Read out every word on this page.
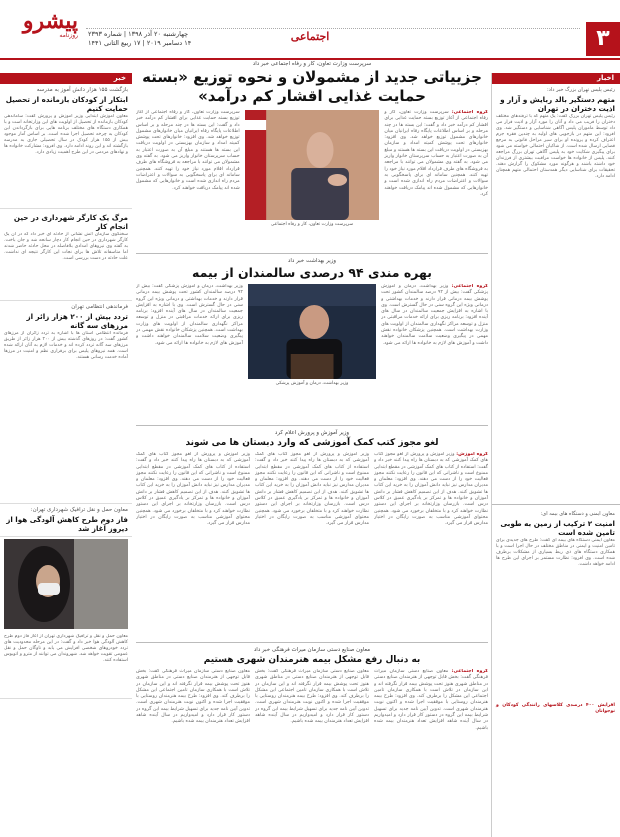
۳
اجتماعی
چهارشنبه ۲۰ آذر ۱۳۹۸ | شماره ۲۳۹۳
۱۴ دسامبر ۲۰۱۹ | ۱۷ ربیع الثانی ۱۴۴۱
پیشرو
روزنامه
اخبار
رئیس پلیس تهران بزرگ خبر داد:
متهم دستگیر بالد ربایش و آزار و اذیت دختران در تهران
رئیس پلیس تهران بزرگ گفت: یک متهم که با ترفندهای مختلف دختران را فریب می داد و آنان را مورد آزار و اذیت قرار می داد توسط ماموران پلیس آگاهی شناسایی و دستگیر شد. وی افزود: این متهم در بازجویی های اولیه به چندین فقره جرم اعتراف کرده و پرونده او برای سیر مراحل قانونی به مرجع قضایی ارسال شده است. از شاکیان احتمالی خواسته می شود برای پیگیری شکایت خود به پلیس آگاهی تهران بزرگ مراجعه کنند. پلیس از خانواده ها خواست مراقبت بیشتری از فرزندان خود داشته باشند و هرگونه مورد مشکوک را گزارش دهند. تحقیقات برای شناسایی دیگر همدستان احتمالی متهم همچنان ادامه دارد.
معاون ایمنی و دستگاه های بیمه ای:
امنیت ۲ ترکیب از زمین به طوبی تامین شده است
معاون ایمنی دستگاه های بیمه ای گفت: طرح های جدیدی برای تامین امنیت و ایمنی در مناطق مختلف در حال اجرا است و با همکاری دستگاه های ذی ربط بسیاری از مشکلات برطرف شده است. وی افزود: نظارت مستمر بر اجرای این طرح ها ادامه خواهد داشت.
افزایش ۴۰۰ درصدی کلاسهای رانندگی کودکان و نوجوانان
خبر
بازگشت ۱۵۵ هزار دانش آموز به مدرسه
ابتکار از کودکان بازمانده از تحصیل حمایت کنیم
معاون آموزش ابتدایی وزیر آموزش و پرورش گفت: ساماندهی کودکان بازمانده از تحصیل از اولویت های این وزارتخانه است و با همکاری دستگاه های مختلف برنامه هایی برای بازگرداندن این کودکان به چرخه تحصیل اجرا شده است. بر اساس آمار موجود بیش از ۱۵۵ هزار کودک در سال تحصیلی جاری به مدرسه بازگشته اند و این روند ادامه دارد. وی افزود: مشارکت خانواده ها و نهادهای مردمی در این طرح اهمیت زیادی دارد.
مرگ یک کارگر شهرداری در حین انجام کار
سخنگوی سازمان آتش نشانی از حادثه ای خبر داد که در آن یک کارگر شهرداری در حین انجام کار دچار سانحه شد و جان باخت. به گفته وی نیروهای امدادی بلافاصله در محل حادثه حاضر شدند اما متاسفانه تلاش ها برای نجات این کارگر نتیجه ای نداشت. علت حادثه در دست بررسی است.
فرماندهی انتظامی تهران
تردد بیش از ۲۰۰ هزار زائر از مرزهای سه گانه
فرمانده انتظامی استان ها با اشاره به تردد زائران از مرزهای کشور گفت: در روزهای گذشته بیش از ۲۰۰ هزار زائر از طریق مرزهای سه گانه تردد کرده اند و خدمات لازم به آنان ارائه شده است. همه نیروهای پلیس برای برقراری نظم و امنیت در مرزها آماده خدمت رسانی هستند.
معاون حمل و نقل ترافیک شهرداری تهران:
فاز دوم طرح کاهش آلودگی هوا از دیروز آغاز شد
معاون حمل و نقل و ترافیک شهرداری تهران از آغاز فاز دوم طرح کاهش آلودگی هوا خبر داد و گفت: در این مرحله محدودیت های تردد خودروهای شخصی افزایش می یابد و ناوگان حمل و نقل عمومی تقویت خواهد شد. شهروندان می توانند از مترو و اتوبوس استفاده کنند.
سرپرست وزارت تعاون، کار و رفاه اجتماعی خبر داد
جزییاتی جدید از مشمولان و نحوه توزیع «بسته حمایت غذایی اقشار کم درآمد»
گروه اجتماعی: سرپرست وزارت تعاون، کار و رفاه اجتماعی از آغاز توزیع بسته حمایت غذایی برای اقشار کم درآمد خبر داد و گفت: این بسته ها در چند مرحله و بر اساس اطلاعات پایگاه رفاه ایرانیان میان خانوارهای مشمول توزیع خواهد شد. وی افزود: خانوارهای تحت پوشش کمیته امداد و سازمان بهزیستی در اولویت دریافت این بسته ها هستند و مبلغ آن به صورت اعتبار به حساب سرپرستان خانوار واریز می شود. به گفته وی مشمولان می توانند با مراجعه به فروشگاه های طرف قرارداد اقلام مورد نیاز خود را تهیه کنند. همچنین سامانه ای برای پاسخگویی به سوالات و اعتراضات مردم راه اندازی شده است و خانوارهایی که مشمول شده اند پیامک دریافت خواهند کرد.
سرپرست وزارت تعاون، کار و رفاه اجتماعی
سرپرست وزارت تعاون، کار و رفاه اجتماعی از آغاز توزیع بسته حمایت غذایی برای اقشار کم درآمد خبر داد و گفت: این بسته ها در چند مرحله و بر اساس اطلاعات پایگاه رفاه ایرانیان میان خانوارهای مشمول توزیع خواهد شد. وی افزود: خانوارهای تحت پوشش کمیته امداد و سازمان بهزیستی در اولویت دریافت این بسته ها هستند و مبلغ آن به صورت اعتبار به حساب سرپرستان خانوار واریز می شود. به گفته وی مشمولان می توانند با مراجعه به فروشگاه های طرف قرارداد اقلام مورد نیاز خود را تهیه کنند. همچنین سامانه ای برای پاسخگویی به سوالات و اعتراضات مردم راه اندازی شده است و خانوارهایی که مشمول شده اند پیامک دریافت خواهند کرد.
وزیر بهداشت خبر داد
بهره مندی ۹۴ درصدی سالمندان از بیمه
گروه اجتماعی: وزیر بهداشت، درمان و آموزش پزشکی گفت: بیش از ۹۴ درصد سالمندان کشور تحت پوشش بیمه درمانی قرار دارند و خدمات بهداشتی و درمانی ویژه این گروه سنی در حال گسترش است. وی با اشاره به افزایش جمعیت سالمندان در سال های آینده افزود: برنامه ریزی برای ارائه خدمات مراقبتی در منزل و توسعه مراکز نگهداری سالمندان از اولویت های وزارت بهداشت است. همچنین پزشکان خانواده نقش مهمی در پیگیری وضعیت سلامت سالمندان خواهند داشت و آموزش های لازم به خانواده ها ارائه می شود.
وزیر بهداشت، درمان و آموزش پزشکی
وزیر بهداشت، درمان و آموزش پزشکی گفت: بیش از ۹۴ درصد سالمندان کشور تحت پوشش بیمه درمانی قرار دارند و خدمات بهداشتی و درمانی ویژه این گروه سنی در حال گسترش است. وی با اشاره به افزایش جمعیت سالمندان در سال های آینده افزود: برنامه ریزی برای ارائه خدمات مراقبتی در منزل و توسعه مراکز نگهداری سالمندان از اولویت های وزارت بهداشت است. همچنین پزشکان خانواده نقش مهمی در پیگیری وضعیت سلامت سالمندان خواهند داشت و آموزش های لازم به خانواده ها ارائه می شود.
وزیر آموزش و پرورش اعلام کرد
لغو مجوز کتب کمک آموزشی که وارد دبستان ها می شوند
گروه آموزش: وزیر آموزش و پرورش از لغو مجوز کتاب های کمک آموزشی که به دبستان ها راه پیدا کنند خبر داد و گفت: استفاده از کتاب های کمک آموزشی در مقطع ابتدایی ممنوع است و ناشرانی که این قانون را رعایت نکنند مجوز فعالیت خود را از دست می دهند. وی افزود: معلمان و مدیران مدارس نیز نباید دانش آموزان را به خرید این کتاب ها تشویق کنند. هدف از این تصمیم کاهش فشار بر دانش آموزان و خانواده ها و تمرکز بر یادگیری عمیق در کلاس درس است. بازرسان وزارتخانه بر اجرای این دستور نظارت خواهند کرد و با متخلفان برخورد می شود. همچنین محتوای آموزشی مناسب به صورت رایگان در اختیار مدارس قرار می گیرد.
وزیر آموزش و پرورش از لغو مجوز کتاب های کمک آموزشی که به دبستان ها راه پیدا کنند خبر داد و گفت: استفاده از کتاب های کمک آموزشی در مقطع ابتدایی ممنوع است و ناشرانی که این قانون را رعایت نکنند مجوز فعالیت خود را از دست می دهند. وی افزود: معلمان و مدیران مدارس نیز نباید دانش آموزان را به خرید این کتاب ها تشویق کنند. هدف از این تصمیم کاهش فشار بر دانش آموزان و خانواده ها و تمرکز بر یادگیری عمیق در کلاس درس است. بازرسان وزارتخانه بر اجرای این دستور نظارت خواهند کرد و با متخلفان برخورد می شود. همچنین محتوای آموزشی مناسب به صورت رایگان در اختیار مدارس قرار می گیرد.
وزیر آموزش و پرورش از لغو مجوز کتاب های کمک آموزشی که به دبستان ها راه پیدا کنند خبر داد و گفت: استفاده از کتاب های کمک آموزشی در مقطع ابتدایی ممنوع است و ناشرانی که این قانون را رعایت نکنند مجوز فعالیت خود را از دست می دهند. وی افزود: معلمان و مدیران مدارس نیز نباید دانش آموزان را به خرید این کتاب ها تشویق کنند. هدف از این تصمیم کاهش فشار بر دانش آموزان و خانواده ها و تمرکز بر یادگیری عمیق در کلاس درس است. بازرسان وزارتخانه بر اجرای این دستور نظارت خواهند کرد و با متخلفان برخورد می شود. همچنین محتوای آموزشی مناسب به صورت رایگان در اختیار مدارس قرار می گیرد.
معاون صنایع دستی سازمان میراث فرهنگی خبر داد
به دنبال رفع مشکل بیمه هنرمندان شهری هستیم
گروه اجتماعی: معاون صنایع دستی سازمان میراث فرهنگی گفت: بخش قابل توجهی از هنرمندان صنایع دستی در مناطق شهری هنوز تحت پوشش بیمه قرار نگرفته اند و این سازمان در تلاش است با همکاری سازمان تامین اجتماعی این مشکل را برطرف کند. وی افزود: طرح بیمه هنرمندان روستایی با موفقیت اجرا شده و اکنون نوبت هنرمندان شهری است. تدوین آیین نامه جدید برای تسهیل شرایط بیمه این گروه در دستور کار قرار دارد و امیدواریم در سال آینده شاهد افزایش تعداد هنرمندان بیمه شده باشیم.
معاون صنایع دستی سازمان میراث فرهنگی گفت: بخش قابل توجهی از هنرمندان صنایع دستی در مناطق شهری هنوز تحت پوشش بیمه قرار نگرفته اند و این سازمان در تلاش است با همکاری سازمان تامین اجتماعی این مشکل را برطرف کند. وی افزود: طرح بیمه هنرمندان روستایی با موفقیت اجرا شده و اکنون نوبت هنرمندان شهری است. تدوین آیین نامه جدید برای تسهیل شرایط بیمه این گروه در دستور کار قرار دارد و امیدواریم در سال آینده شاهد افزایش تعداد هنرمندان بیمه شده باشیم.
معاون صنایع دستی سازمان میراث فرهنگی گفت: بخش قابل توجهی از هنرمندان صنایع دستی در مناطق شهری هنوز تحت پوشش بیمه قرار نگرفته اند و این سازمان در تلاش است با همکاری سازمان تامین اجتماعی این مشکل را برطرف کند. وی افزود: طرح بیمه هنرمندان روستایی با موفقیت اجرا شده و اکنون نوبت هنرمندان شهری است. تدوین آیین نامه جدید برای تسهیل شرایط بیمه این گروه در دستور کار قرار دارد و امیدواریم در سال آینده شاهد افزایش تعداد هنرمندان بیمه شده باشیم.
